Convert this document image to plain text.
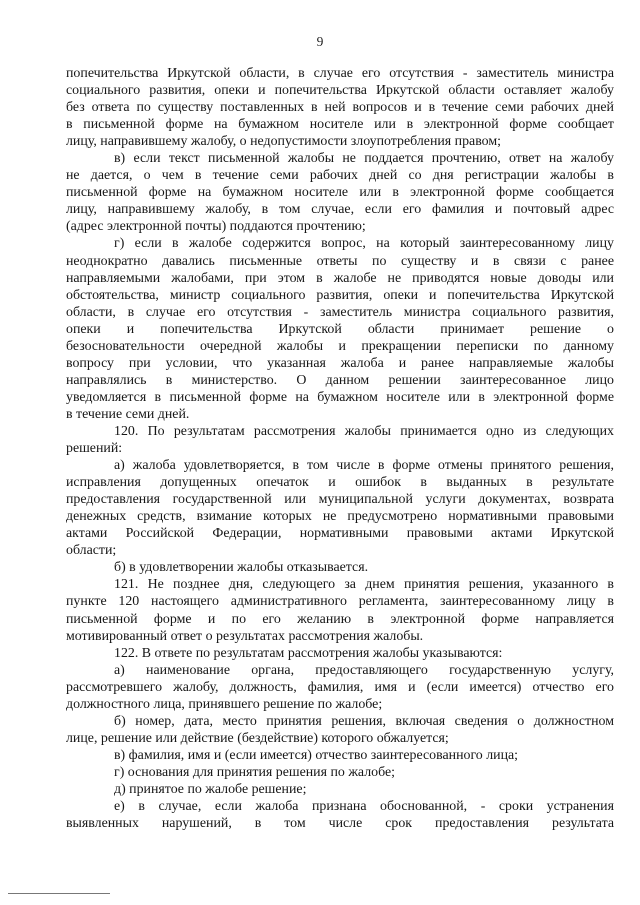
9
попечительства Иркутской области, в случае его отсутствия - заместитель министра
социального развития, опеки и попечительства Иркутской области оставляет жалобу
без ответа по существу поставленных в ней вопросов и в течение семи рабочих дней
в письменной форме на бумажном носителе или в электронной форме сообщает
лицу, направившему жалобу, о недопустимости злоупотребления правом;
в) если текст письменной жалобы не поддается прочтению, ответ на жалобу
не дается, о чем в течение семи рабочих дней со дня регистрации жалобы в
письменной форме на бумажном носителе или в электронной форме сообщается
лицу, направившему жалобу, в том случае, если его фамилия и почтовый адрес
(адрес электронной почты) поддаются прочтению;
г) если в жалобе содержится вопрос, на который заинтересованному лицу
неоднократно давались письменные ответы по существу и в связи с ранее
направляемыми жалобами, при этом в жалобе не приводятся новые доводы или
обстоятельства, министр социального развития, опеки и попечительства Иркутской
области, в случае его отсутствия - заместитель министра социального развития,
опеки и попечительства Иркутской области принимает решение о
безосновательности очередной жалобы и прекращении переписки по данному
вопросу при условии, что указанная жалоба и ранее направляемые жалобы
направлялись в министерство. О данном решении заинтересованное лицо
уведомляется в письменной форме на бумажном носителе или в электронной форме
в течение семи дней.
120. По результатам рассмотрения жалобы принимается одно из следующих
решений:
а) жалоба удовлетворяется, в том числе в форме отмены принятого решения,
исправления допущенных опечаток и ошибок в выданных в результате
предоставления государственной или муниципальной услуги документах, возврата
денежных средств, взимание которых не предусмотрено нормативными правовыми
актами Российской Федерации, нормативными правовыми актами Иркутской
области;
б) в удовлетворении жалобы отказывается.
121. Не позднее дня, следующего за днем принятия решения, указанного в
пункте 120 настоящего административного регламента, заинтересованному лицу в
письменной форме и по его желанию в электронной форме направляется
мотивированный ответ о результатах рассмотрения жалобы.
122. В ответе по результатам рассмотрения жалобы указываются:
а) наименование органа, предоставляющего государственную услугу,
рассмотревшего жалобу, должность, фамилия, имя и (если имеется) отчество его
должностного лица, принявшего решение по жалобе;
б) номер, дата, место принятия решения, включая сведения о должностном
лице, решение или действие (бездействие) которого обжалуется;
в) фамилия, имя и (если имеется) отчество заинтересованного лица;
г) основания для принятия решения по жалобе;
д) принятое по жалобе решение;
е) в случае, если жалоба признана обоснованной, - сроки устранения
выявленных нарушений, в том числе срок предоставления результата
